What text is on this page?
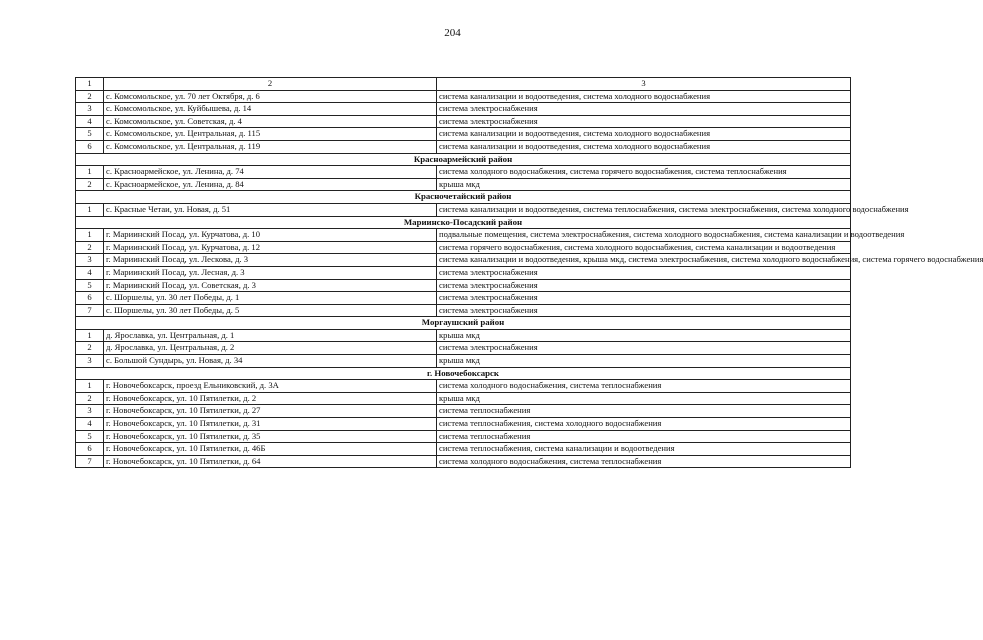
204
1	2	3
2	с. Комсомольское, ул. 70 лет Октября, д. 6	система канализации и водоотведения, система холодного водоснабжения
3	с. Комсомольское, ул. Куйбышева, д. 14	система электроснабжения
4	с. Комсомольское, ул. Советская, д. 4	система электроснабжения
5	с. Комсомольское, ул. Центральная, д. 115	система канализации и водоотведения, система холодного водоснабжения
6	с. Комсомольское, ул. Центральная, д. 119	система канализации и водоотведения, система холодного водоснабжения
Красноармейский район		
1	с. Красноармейское, ул. Ленина, д. 74	система холодного водоснабжения, система горячего водоснабжения, система теплоснабжения
2	с. Красноармейское, ул. Ленина, д. 84	крыша мкд
Красночетайский район		
1	с. Красные Четаи, ул. Новая, д. 51	система канализации и водоотведения, система теплоснабжения, система электроснабжения, система холодного водоснабжения
Мариинско-Посадский район		
1	г. Мариинский Посад, ул. Курчатова, д. 10	подвальные помещения, система электроснабжения, система холодного водоснабжения, система канализации и водоотведения
2	г. Мариинский Посад, ул. Курчатова, д. 12	система горячего водоснабжения, система холодного водоснабжения, система канализации и водоотведения
3	г. Мариинский Посад, ул. Лескова, д. 3	система канализации и водоотведения, крыша мкд, система электроснабжения, система холодного водоснабжения, система горячего водоснабжения
4	г. Мариинский Посад, ул. Лесная, д. 3	система электроснабжения
5	г. Мариинский Посад, ул. Советская, д. 3	система электроснабжения
6	с. Шоршелы, ул. 30 лет Победы, д. 1	система электроснабжения
7	с. Шоршелы, ул. 30 лет Победы, д. 5	система электроснабжения
Моргаушский район		
1	д. Ярославка, ул. Центральная, д. 1	крыша мкд
2	д. Ярославка, ул. Центральная, д. 2	система электроснабжения
3	с. Большой Сундырь, ул. Новая, д. 34	крыша мкд
г. Новочебоксарск		
1	г. Новочебоксарск, проезд Ельниковский, д. 3А	система холодного водоснабжения, система теплоснабжения
2	г. Новочебоксарск, ул. 10 Пятилетки, д. 2	крыша мкд
3	г. Новочебоксарск, ул. 10 Пятилетки, д. 27	система теплоснабжения
4	г. Новочебоксарск, ул. 10 Пятилетки, д. 31	система теплоснабжения, система холодного водоснабжения
5	г. Новочебоксарск, ул. 10 Пятилетки, д. 35	система теплоснабжения
6	г. Новочебоксарск, ул. 10 Пятилетки, д. 46Б	система теплоснабжения, система канализации и водоотведения
7	г. Новочебоксарск, ул. 10 Пятилетки, д. 64	система холодного водоснабжения, система теплоснабжения
